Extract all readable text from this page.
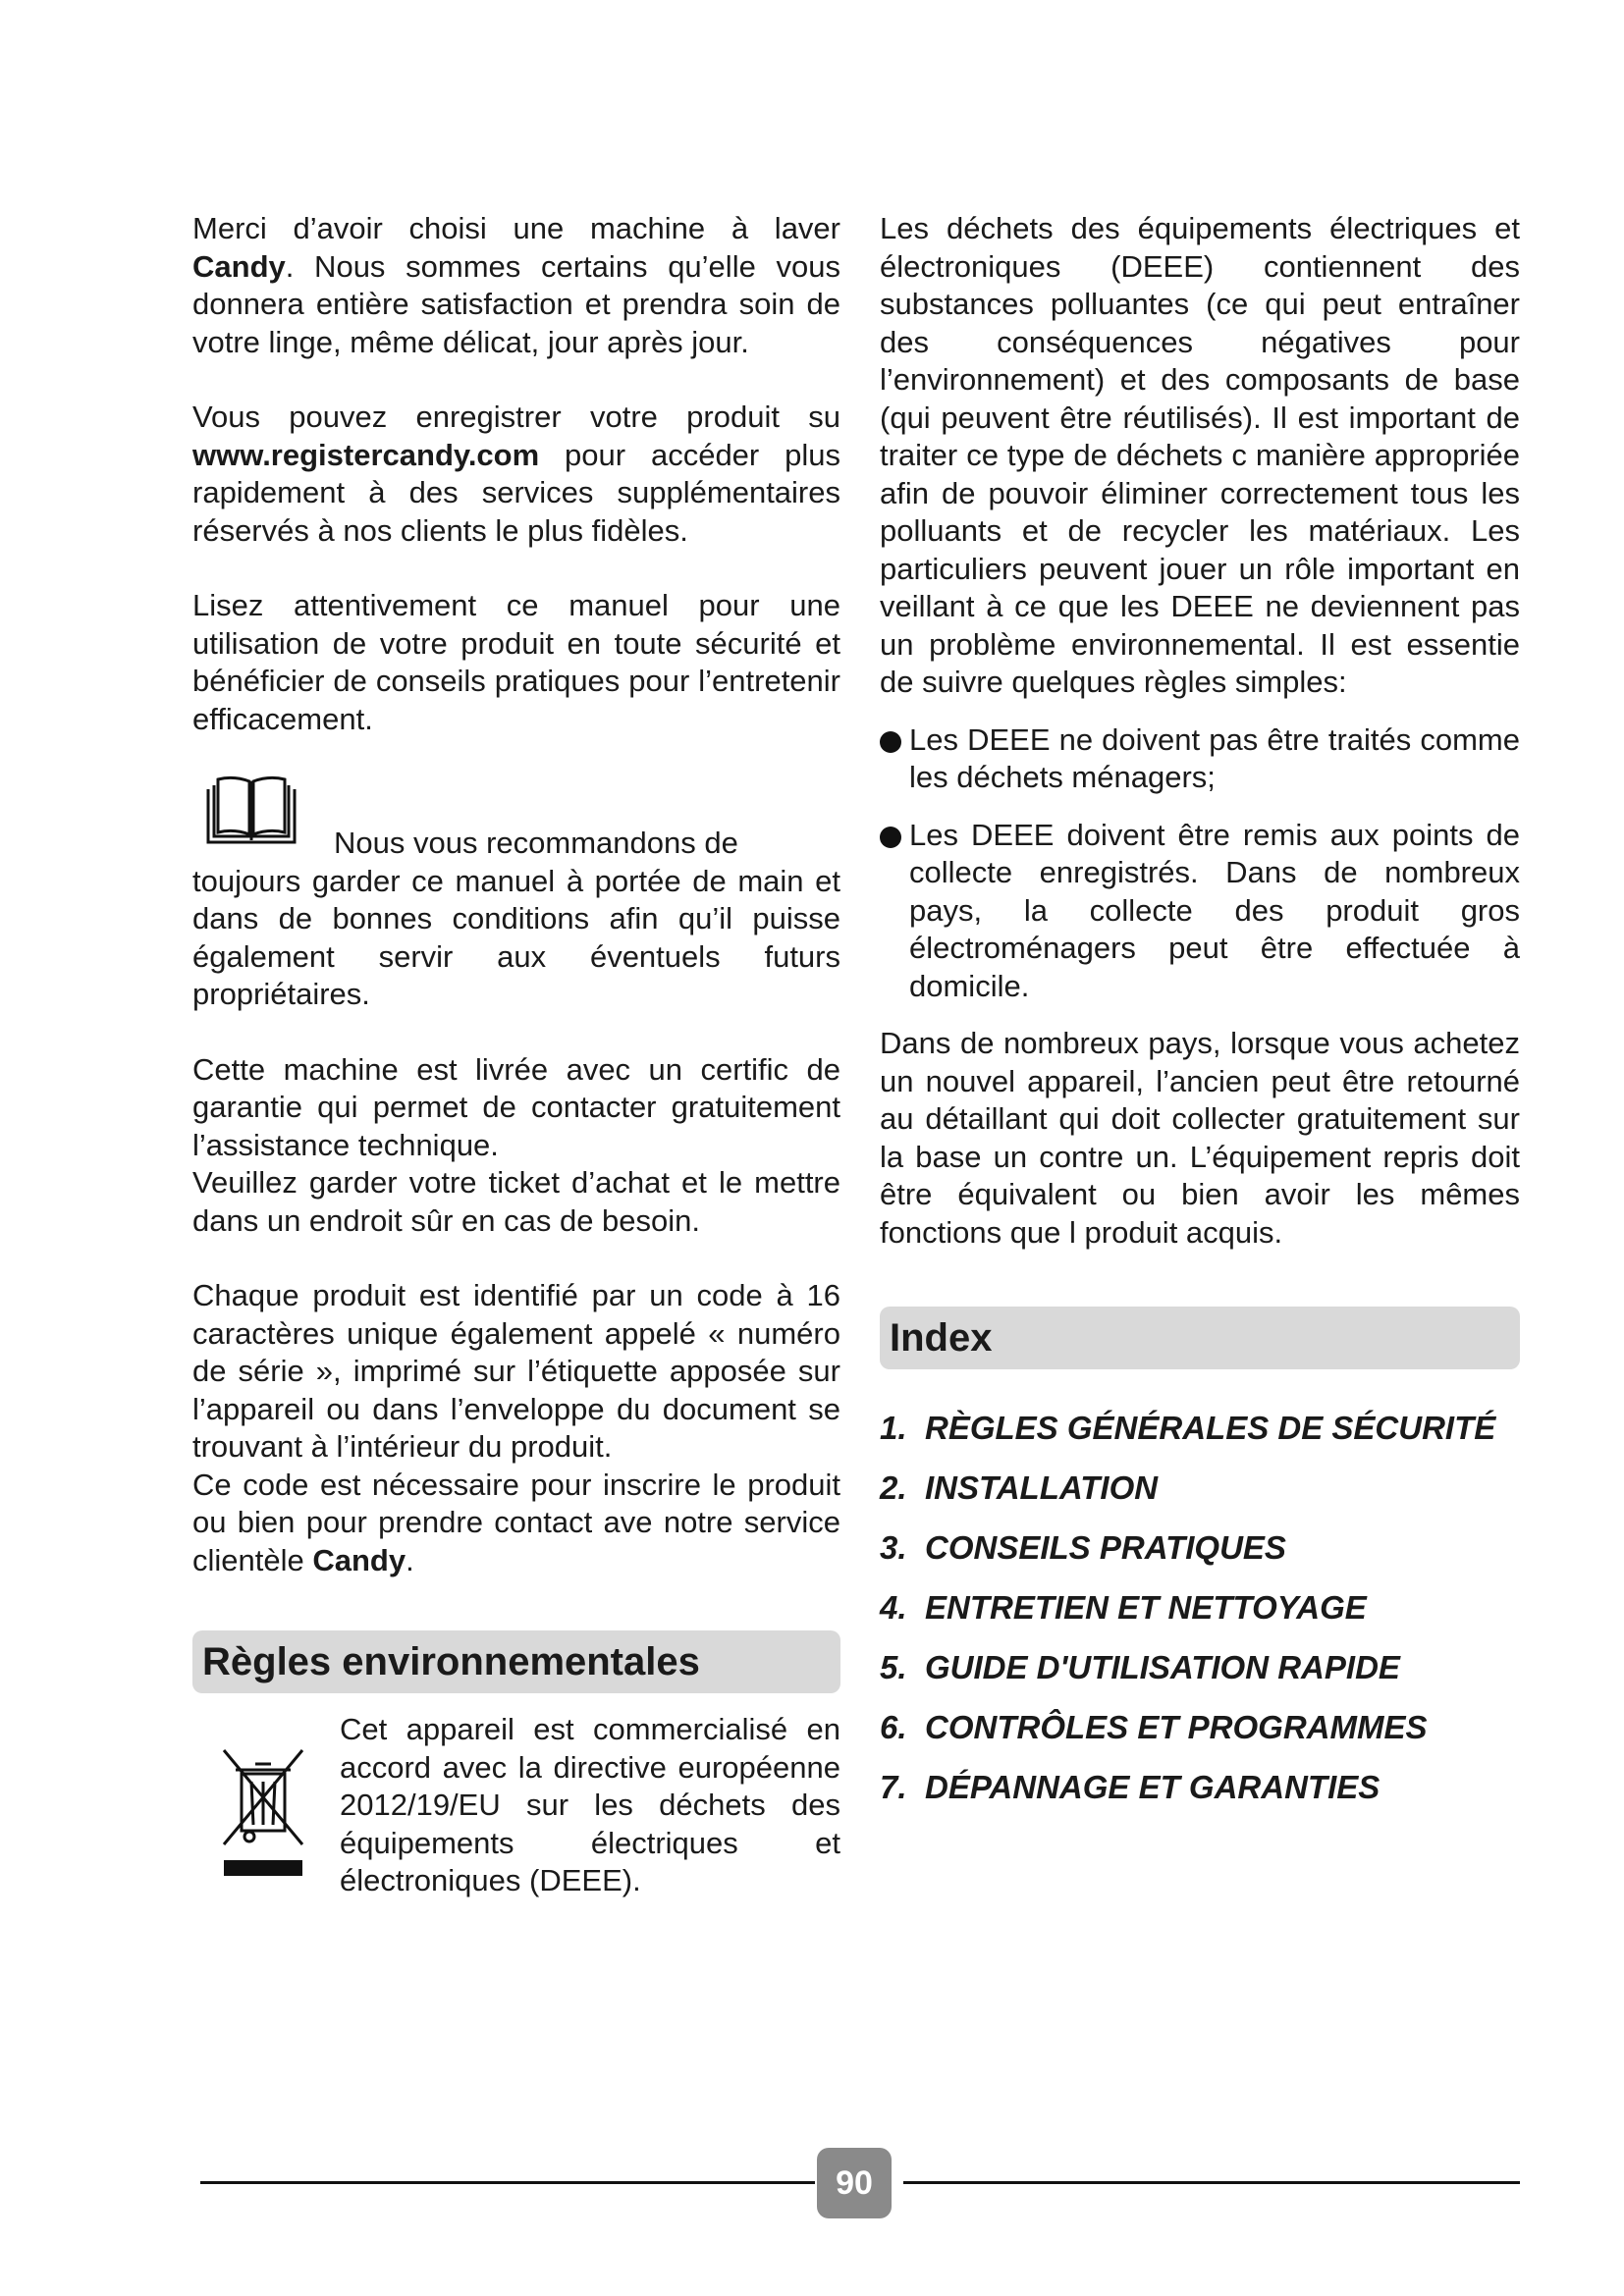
Merci d’avoir choisi une machine à laver Candy. Nous sommes certains qu’elle vous donnera entière satisfaction et prendra soin de votre linge, même délicat, jour après jour.

Vous pouvez enregistrer votre produit su www.registercandy.com pour accéder plus rapidement à des services supplémentaires réservés à nos clients le plus fidèles.

Lisez attentivement ce manuel pour une utilisation de votre produit en toute sécurité et bénéficier de conseils pratiques pour l’entretenir efficacement.

Nous vous recommandons de

toujours garder ce manuel à portée de main et dans de bonnes conditions afin qu’il puisse également servir aux éventuels futurs propriétaires.

Cette machine est livrée avec un certific de garantie qui permet de contacter gratuitement l’assistance technique.

Veuillez garder votre ticket d’achat et le mettre dans un endroit sûr en cas de besoin.

Chaque produit est identifié par un code à 16 caractères unique également appelé « numéro de série », imprimé sur l’étiquette apposée sur l’appareil ou dans l’enveloppe du document se trouvant à l’intérieur du produit.

Ce code est nécessaire pour inscrire le produit ou bien pour prendre contact ave notre service clientèle Candy.

Règles environnementales

Cet appareil est commercialisé en accord avec la directive européenne 2012/19/EU sur les déchets des équipements électriques et électroniques (DEEE).

Les déchets des équipements électriques et électroniques (DEEE) contiennent des substances polluantes (ce qui peut entraîner des conséquences négatives pour l’environnement) et des composants de base (qui peuvent être réutilisés). Il est important de traiter ce type de déchets c manière appropriée afin de pouvoir éliminer correctement tous les polluants et de recycler les matériaux. Les particuliers peuvent jouer un rôle important en veillant à ce que les DEEE ne deviennent pas un problème environnemental. Il est essentie de suivre quelques règles simples:

Les DEEE ne doivent pas être traités comme les déchets ménagers;

Les DEEE doivent être remis aux points de collecte enregistrés. Dans de nombreux pays, la collecte des produit gros électroménagers peut être effectuée à domicile.

Dans de nombreux pays, lorsque vous achetez un nouvel appareil, l’ancien peut être retourné au détaillant qui doit collecter gratuitement sur la base un contre un. L’équipement repris doit être équivalent ou bien avoir les mêmes fonctions que l produit acquis.

Index
1. RÈGLES GÉNÉRALES DE SÉCURITÉ
2. INSTALLATION
3. CONSEILS PRATIQUES
4. ENTRETIEN ET NETTOYAGE
5. GUIDE D'UTILISATION RAPIDE
6. CONTRÔLES ET PROGRAMMES
7. DÉPANNAGE ET GARANTIES
90
